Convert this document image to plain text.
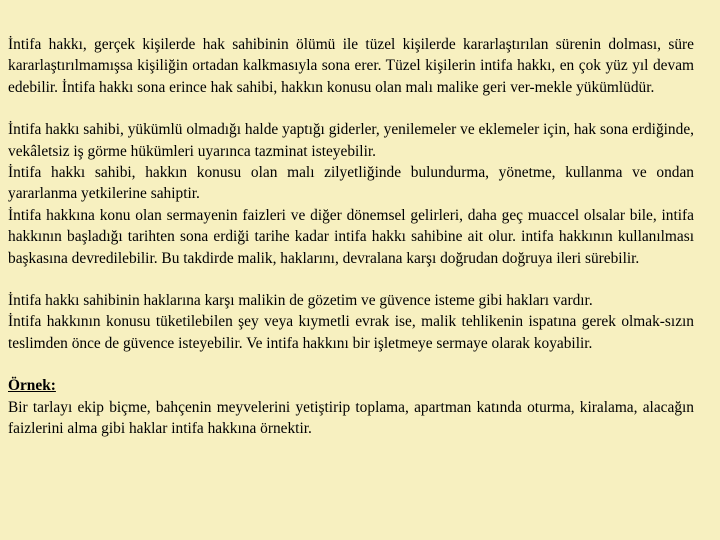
İntifa hakkı, gerçek kişilerde hak sahibinin ölümü ile tüzel kişilerde kararlaştırılan sürenin dolması, süre kararlaştırılmamışsa kişiliğin ortadan kalkmasıyla sona erer. Tüzel kişilerin intifa hakkı, en çok yüz yıl devam edebilir. İntifa hakkı sona erince hak sahibi, hakkın konusu olan malı malike geri ver-mekle yükümlüdür.

İntifa hakkı sahibi, yükümlü olmadığı halde yaptığı giderler, yenilemeler ve eklemeler için, hak sona erdiğinde, vekâletsiz iş görme hükümleri uyarınca tazminat isteyebilir.

İntifa hakkı sahibi, hakkın konusu olan malı zilyetliğinde bulundurma, yönetme, kullanma ve ondan yararlanma yetkilerine sahiptir.

İntifa hakkına konu olan sermayenin faizleri ve diğer dönemsel gelirleri, daha geç muaccel olsalar bile, intifa hakkının başladığı tarihten sona erdiği tarihe kadar intifa hakkı sahibine ait olur. intifa hakkının kullanılması başkasına devredilebilir. Bu takdirde malik, haklarını, devralana karşı doğrudan doğruya ileri sürebilir.

İntifa hakkı sahibinin haklarına karşı malikin de gözetim ve güvence isteme gibi hakları vardır.

İntifa hakkının konusu tüketilebilen şey veya kıymetli evrak ise, malik tehlikenin ispatına gerek olmak-sızın teslimden önce de güvence isteyebilir. Ve intifa hakkını bir işletmeye sermaye olarak koyabilir.

Örnek:

Bir tarlayı ekip biçme, bahçenin meyvelerini yetiştirip toplama, apartman katında oturma, kiralama, alacağın faizlerini alma gibi haklar intifa hakkına örnektir.
